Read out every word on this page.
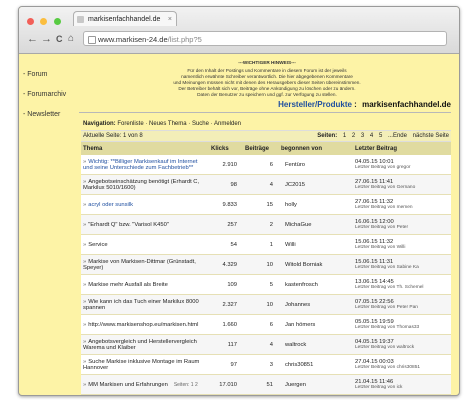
markisenfachhandel.de ×
← → C ⌂	www.markisen-24.de/list.php?5
- Forum
- Forumarchiv
- Newsletter
---WICHTIGER HINWEIS---
Für den Inhalt der Postings und Kommentare in diesem Forum ist der jeweils
namentlich erwähnte Schreiber verantwortlich. Die hier abgegebenen Kommentare
und Meinungen müssen nicht mit denen des Herausgebers dieser Seiten übereinstimmen.
Der Betreiber behält sich vor, Beiträge ohne Ankündigung zu löschen oder zu ändern.
Daten der Benutzer zu speichern und ggf. zur Verfügung zu stellen.
Hersteller/Produkte : markisenfachhandel.de
Navigation: Forenliste · Neues Thema · Suche · Anmelden
Aktuelle Seite: 1 von 8	Seiten: 1 2 3 4 5 ...Ende nächste Seite
Thema	Klicks	Beiträge	begonnen von	Letzter Beitrag
» Wichtig: **Billiger Markisenkauf im Internet und seine Unterschiede zum Fachbetrieb**	2.910	6	Fentüro	04.05.15 10:01
Letzter Beitrag von gregor

» Angebotseinschätzung benötigt (Erhardt C, Markilux 5010/1600)	98	4	JC2015	27.06.15 11:41
Letzter Beitrag von Gernano

» acryl oder sunsilk	9.833	15	holly	27.06.15 11:32
Letzter Beitrag von memen

» "Erhardt Q" bzw. "Varisol K450"	257	2	MichaGue	16.06.15 12:00
Letzter Beitrag von Peter

» Service	54	1	Willi	15.06.15 11:32
Letzter Beitrag von Willi

» Markise von Markisen-Dittmar (Grünstadt, Speyer)	4.329	10	Witold Borniak	15.06.15 11:31
Letzter Beitrag von Sabine Ka

» Markise mehr Ausfall als Breite	109	5	kastenfrosch	13.06.15 14:45
Letzter Beitrag von Th. Schemel

» Wie kann ich das Tuch einer Markilux 8000 spannen	2.327	10	Johannes	07.05.15 22:56
Letzter Beitrag von Peter Pan

» http://www.markisenshop.eu/markisen.html	1.660	6	Jan hömers	05.05.15 19:59
Letzter Beitrag von Thomas33

» Angebotsvergleich und Herstellervergleich Warema und Klaiber	117	4	waltrock	04.05.15 19:37
Letzter Beitrag von waltrock

» Suche Markise inklusive Montage im Raum Hannover	97	3	chris30851	27.04.15 00:03
Letzter Beitrag von chris30851

» MM Markisen und Erfahrungen Seiten: 1 2	17.010	51	Juergen	21.04.15 11:46
Letzter Beitrag von ick
